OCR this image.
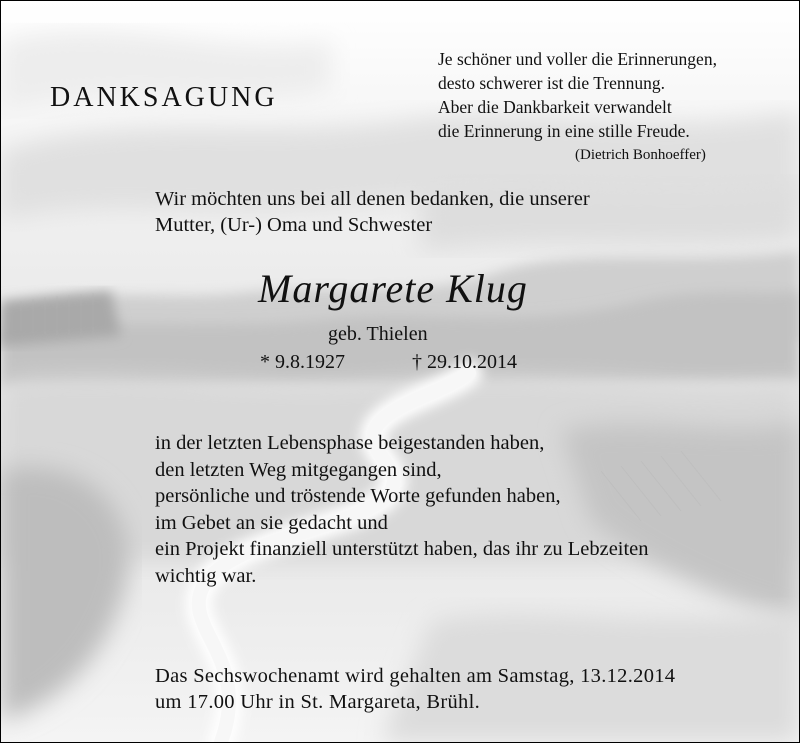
DANKSAGUNG
Je schöner und voller die Erinnerungen,
desto schwerer ist die Trennung.
Aber die Dankbarkeit verwandelt
die Erinnerung in eine stille Freude.
(Dietrich Bonhoeffer)
Wir möchten uns bei all denen bedanken, die unserer
Mutter, (Ur-) Oma und Schwester
Margarete Klug
geb. Thielen
* 9.8.1927	† 29.10.2014
in der letzten Lebensphase beigestanden haben,
den letzten Weg mitgegangen sind,
persönliche und tröstende Worte gefunden haben,
im Gebet an sie gedacht und
ein Projekt finanziell unterstützt haben, das ihr zu Lebzeiten
wichtig war.
Das Sechswochenamt wird gehalten am Samstag, 13.12.2014
um 17.00 Uhr in St. Margareta, Brühl.
